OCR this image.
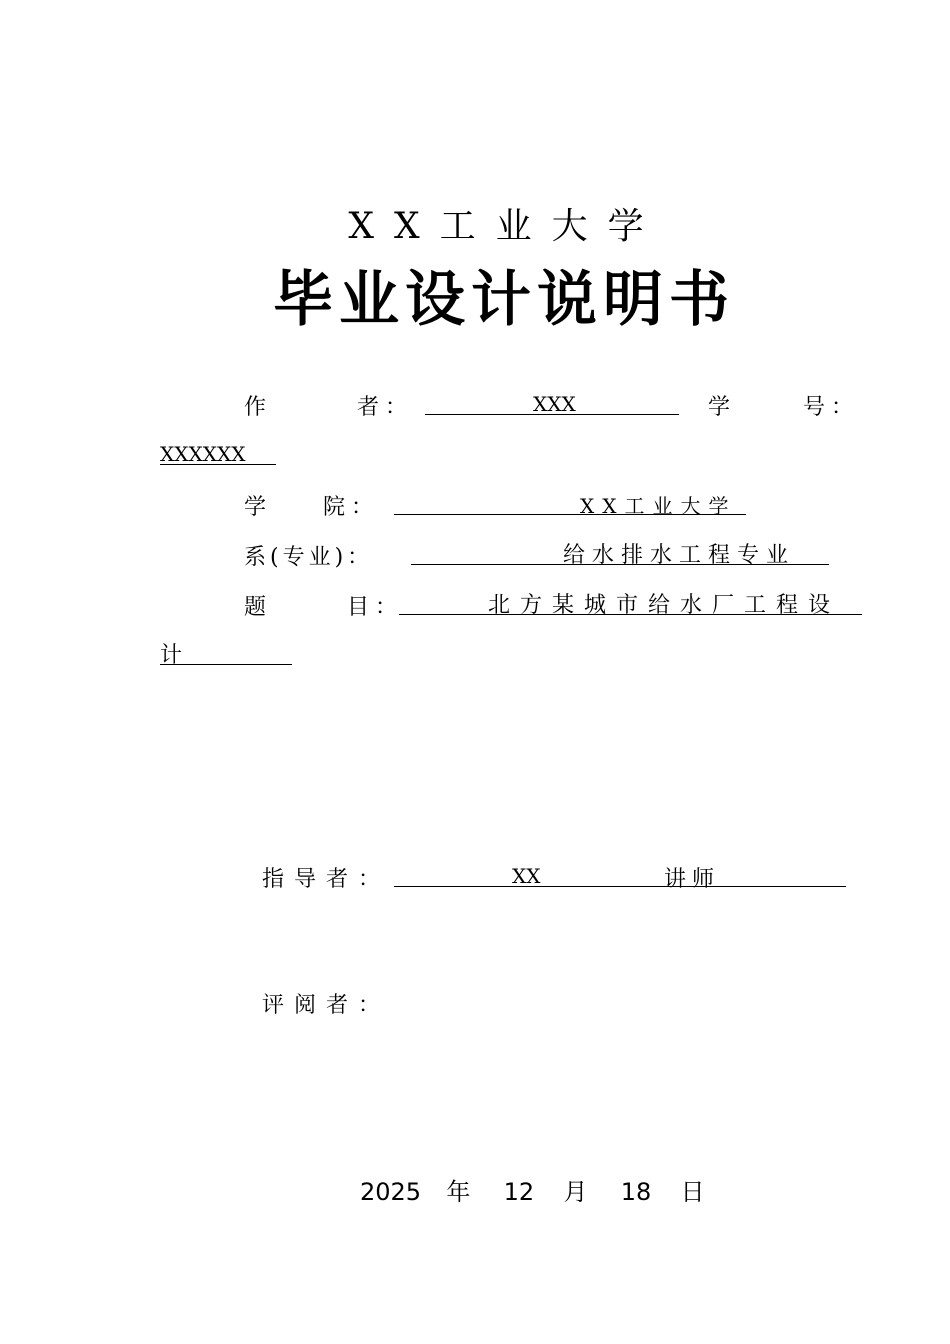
XX工业大学
毕业设计说明书
作 者：	XXX	学 号：
XXXXXX
学 院：	XX工业大学
系(专业)：	给水排水工程专业
题 目：	北方某城市给水厂工程设
计
指导者：	XX	讲师
评阅者：
2025 年 12 月 18 日
